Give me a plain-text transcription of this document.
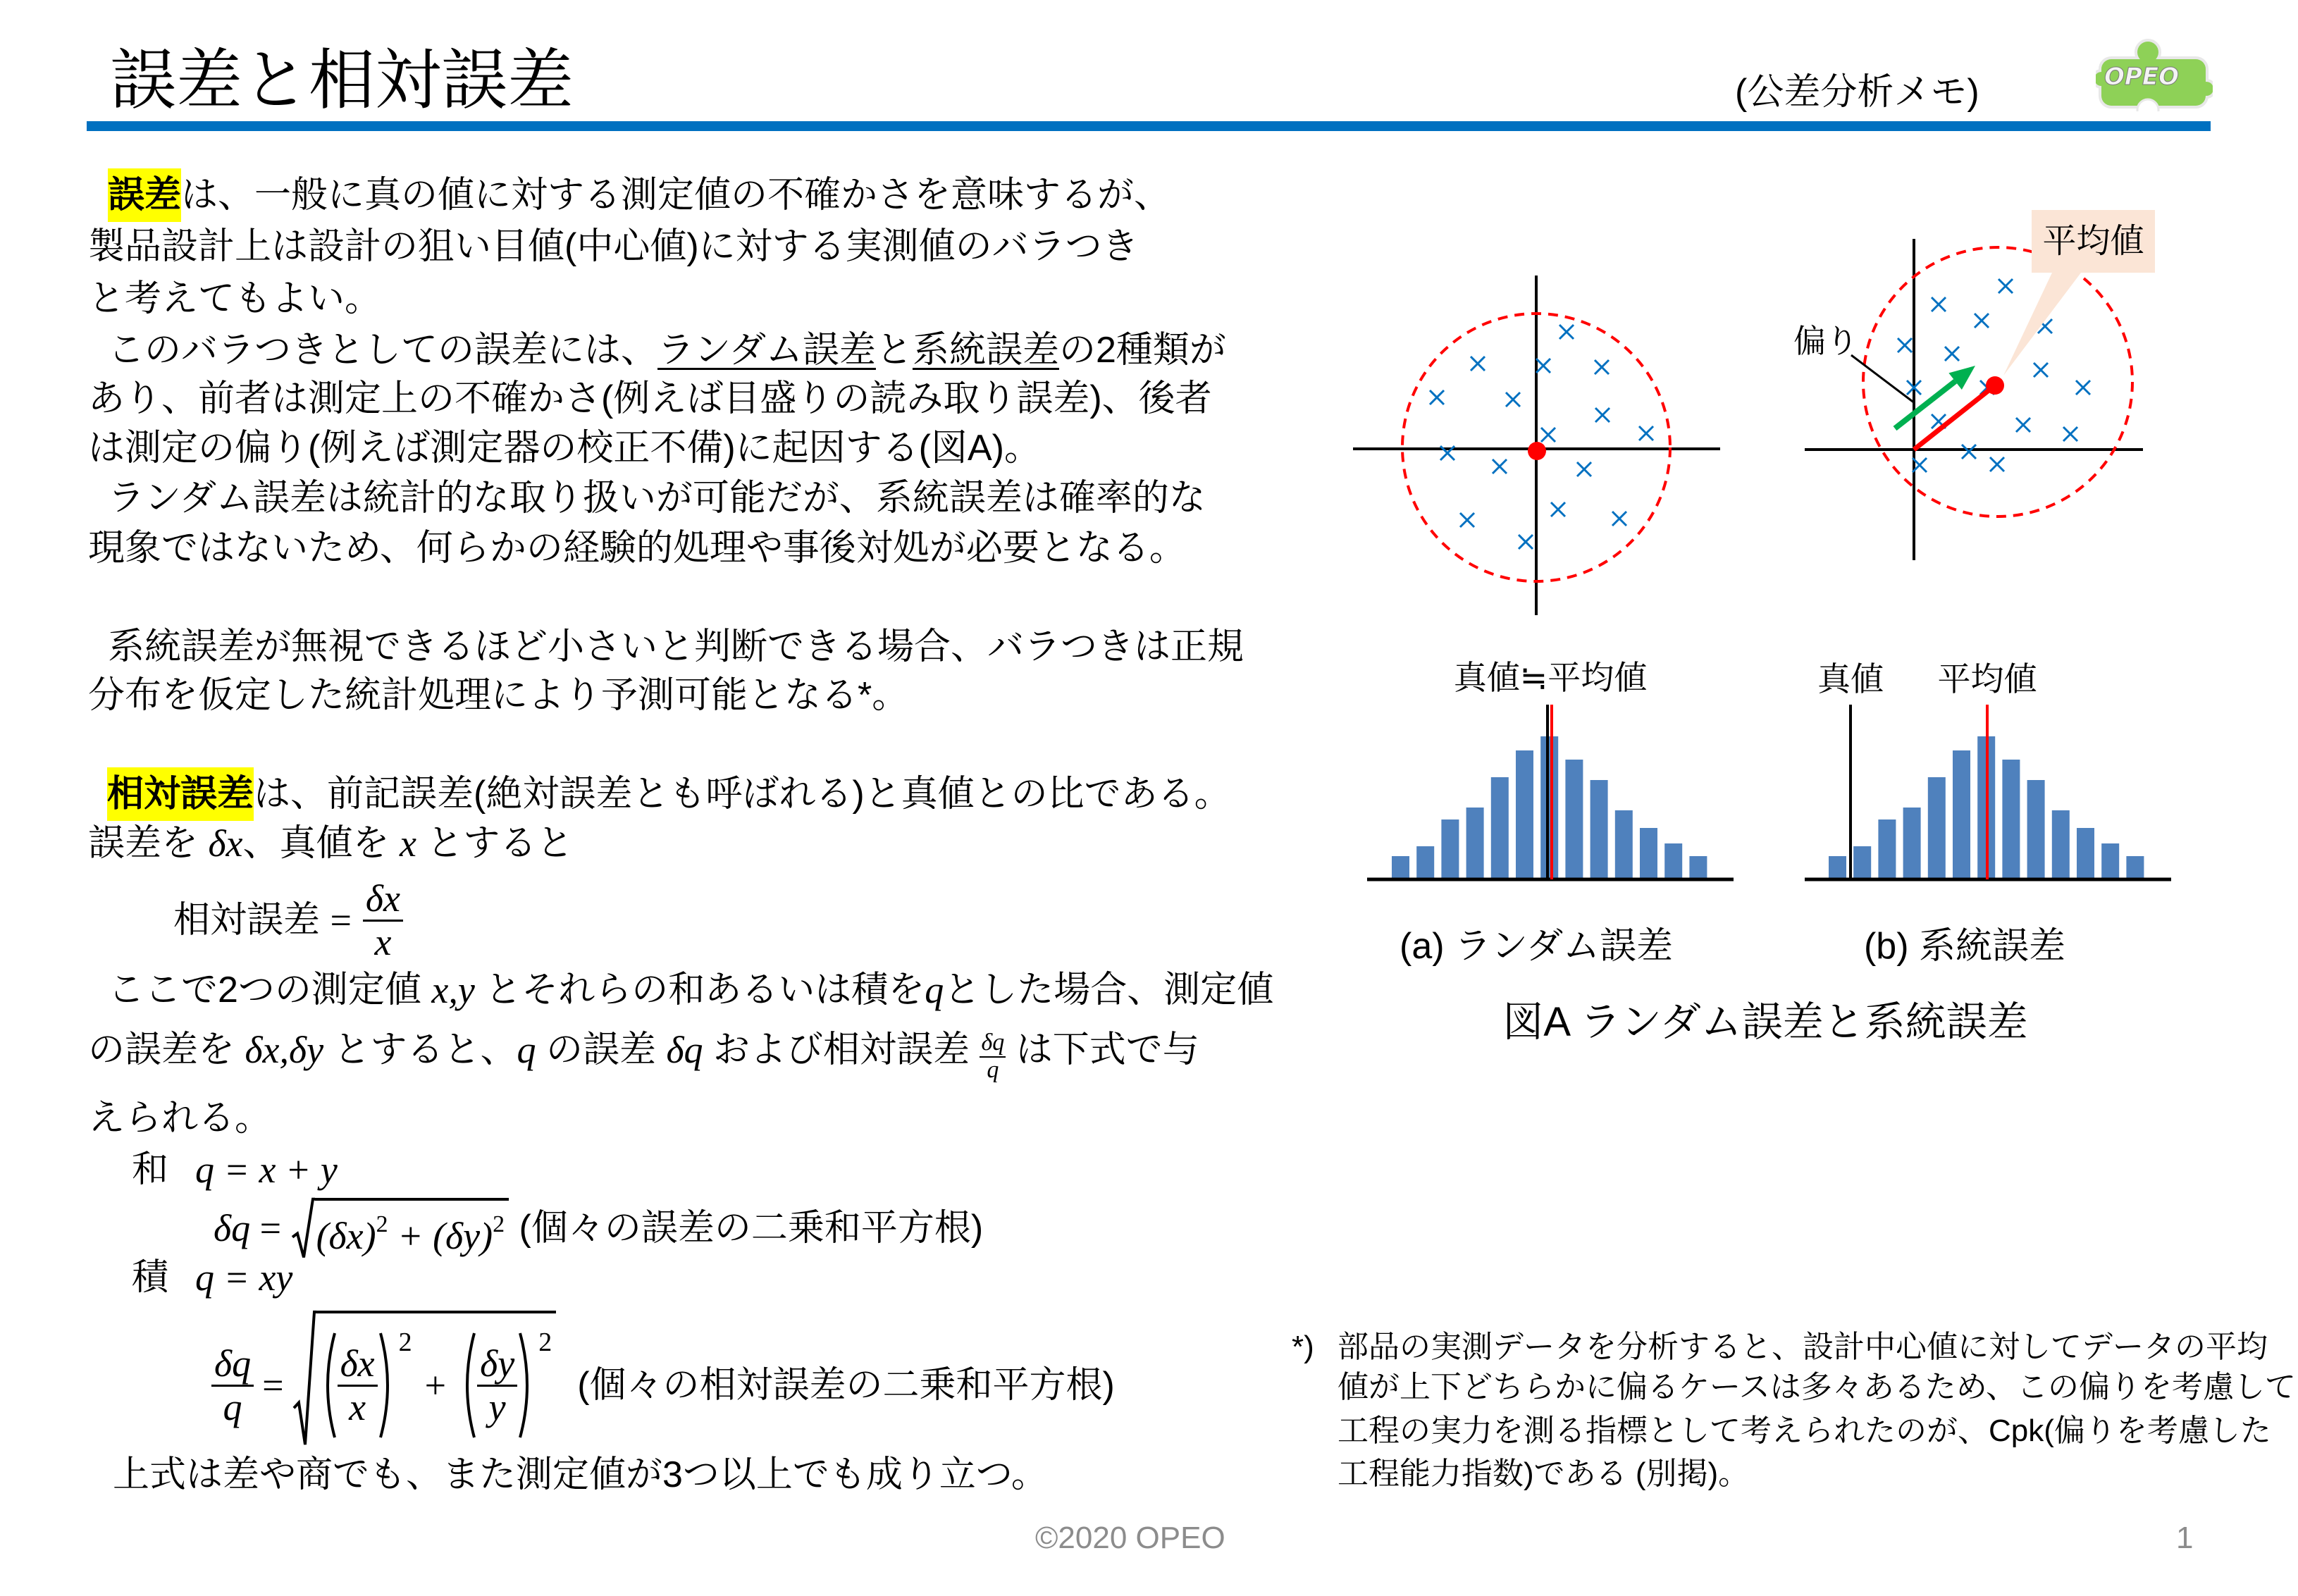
誤差と相対誤差	(公差分析メモ)	OPEO
誤差 は、一般に真の値に対する測定値の不確かさを意味するが、
製品設計上は設計の狙い目値(中心値)に対する実測値のバラつき
と考えてもよい。
このバラつきとしての誤差には、 ランダム誤差 と 系統誤差 の2種類が
あり、前者は測定上の不確かさ(例えば目盛りの読み取り誤差)、後者
は測定の偏り(例えば測定器の校正不備)に起因する(図A)。
ランダム誤差は統計的な取り扱いが可能だが、系統誤差は確率的な
現象ではないため、何らかの経験的処理や事後対処が必要となる。
系統誤差が無視できるほど小さいと判断できる場合、バラつきは正規
分布を仮定した統計処理により予測可能となる*。
相対誤差 は、前記誤差(絶対誤差とも呼ばれる)と真値との比である。
誤差を δx 、真値を x とすると
相対誤差 = $\frac{\delta x}{x}$
ここで2つの測定値 x,y とそれらの和あるいは積を q とした場合、測定値
の誤差を δx,δy とすると、 q の誤差 δq および相対誤差 $\frac{\delta q}{q}$ は下式で与
えられる。
和 q = x + y
$\delta q = (\delta x)^2 + (\delta y)^2$ (個々の誤差の二乗和平方根)
積 q = xy
$\frac{\delta q}{q} = \frac{\delta x}{x}$
2
+ $\frac{\delta y}{y}$
2
(個々の相対誤差の二乗和平方根)
上式は差や商でも、また測定値が3つ以上でも成り立つ。
偏り
平均値
真値≒平均値	真値 平均値
(a) ランダム誤差	(b) 系統誤差
図A ランダム誤差と系統誤差
*) 部品の実測データを分析すると、設計中心値に対してデータの平均
値が上下どちらかに偏るケースは多々あるため、この偏りを考慮して
工程の実力を測る指標として考えられたのが、Cpk(偏りを考慮した
工程能力指数)である (別掲)。
©2020 OPEO	1
